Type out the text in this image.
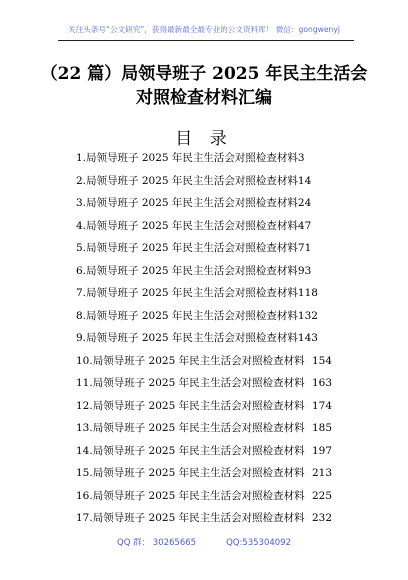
关注头条号“公文研究”，获得最新最全最专业的公文资料库！ 微信：gongwenyj
（22 篇）局领导班子 2025 年民主生活会
对照检查材料汇编
目 录
1.局领导班子 2025 年民主生活会对照检查材料3
2.局领导班子 2025 年民主生活会对照检查材料14
3.局领导班子 2025 年民主生活会对照检查材料24
4.局领导班子 2025 年民主生活会对照检查材料47
5.局领导班子 2025 年民主生活会对照检查材料71
6.局领导班子 2025 年民主生活会对照检查材料93
7.局领导班子 2025 年民主生活会对照检查材料118
8.局领导班子 2025 年民主生活会对照检查材料132
9.局领导班子 2025 年民主生活会对照检查材料143
10.局领导班子 2025 年民主生活会对照检查材料 154
11.局领导班子 2025 年民主生活会对照检查材料 163
12.局领导班子 2025 年民主生活会对照检查材料 174
13.局领导班子 2025 年民主生活会对照检查材料 185
14.局领导班子 2025 年民主生活会对照检查材料 197
15.局领导班子 2025 年民主生活会对照检查材料 213
16.局领导班子 2025 年民主生活会对照检查材料 225
17.局领导班子 2025 年民主生活会对照检查材料 232
QQ 群： 30265665	QQ:535304092
